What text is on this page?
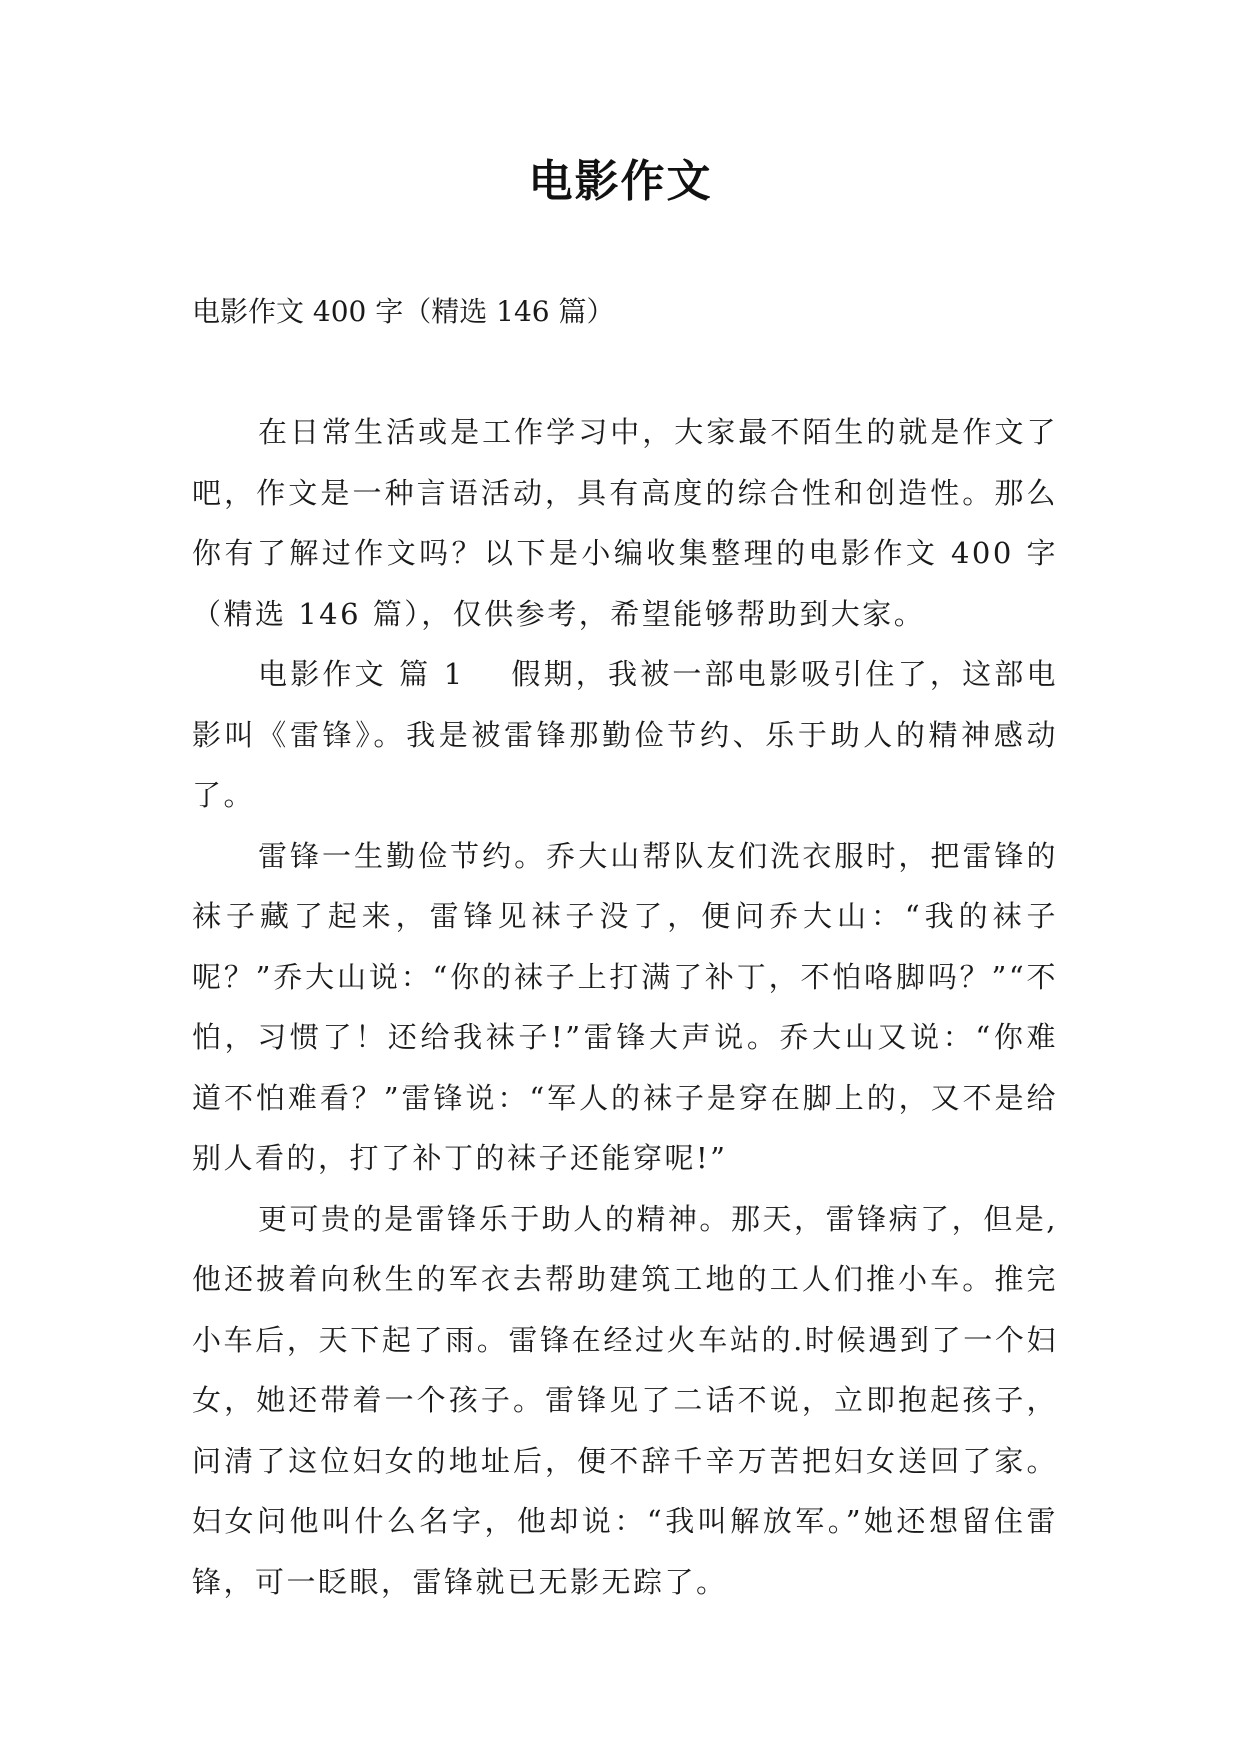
电影作文
电影作文 400 字（精选 146 篇）

在日常生活或是工作学习中，大家最不陌生的就是作文了吧，作文是一种言语活动，具有高度的综合性和创造性。那么你有了解过作文吗？以下是小编收集整理的电影作文 400 字（精选 146 篇），仅供参考，希望能够帮助到大家。

电影作文 篇 1 假期，我被一部电影吸引住了，这部电影叫《雷锋》。我是被雷锋那勤俭节约、乐于助人的精神感动了。

雷锋一生勤俭节约。乔大山帮队友们洗衣服时，把雷锋的袜子藏了起来，雷锋见袜子没了，便问乔大山：“我的袜子呢？”乔大山说：“你的袜子上打满了补丁，不怕咯脚吗？”“不怕，习惯了！还给我袜子!”雷锋大声说。乔大山又说：“你难道不怕难看？”雷锋说：“军人的袜子是穿在脚上的，又不是给别人看的，打了补丁的袜子还能穿呢!”

更可贵的是雷锋乐于助人的精神。那天，雷锋病了，但是,他还披着向秋生的军衣去帮助建筑工地的工人们推小车。推完小车后，天下起了雨。雷锋在经过火车站的.时候遇到了一个妇女，她还带着一个孩子。雷锋见了二话不说，立即抱起孩子，问清了这位妇女的地址后，便不辞千辛万苦把妇女送回了家。妇女问他叫什么名字，他却说：“我叫解放军。”她还想留住雷锋，可一眨眼，雷锋就已无影无踪了。
